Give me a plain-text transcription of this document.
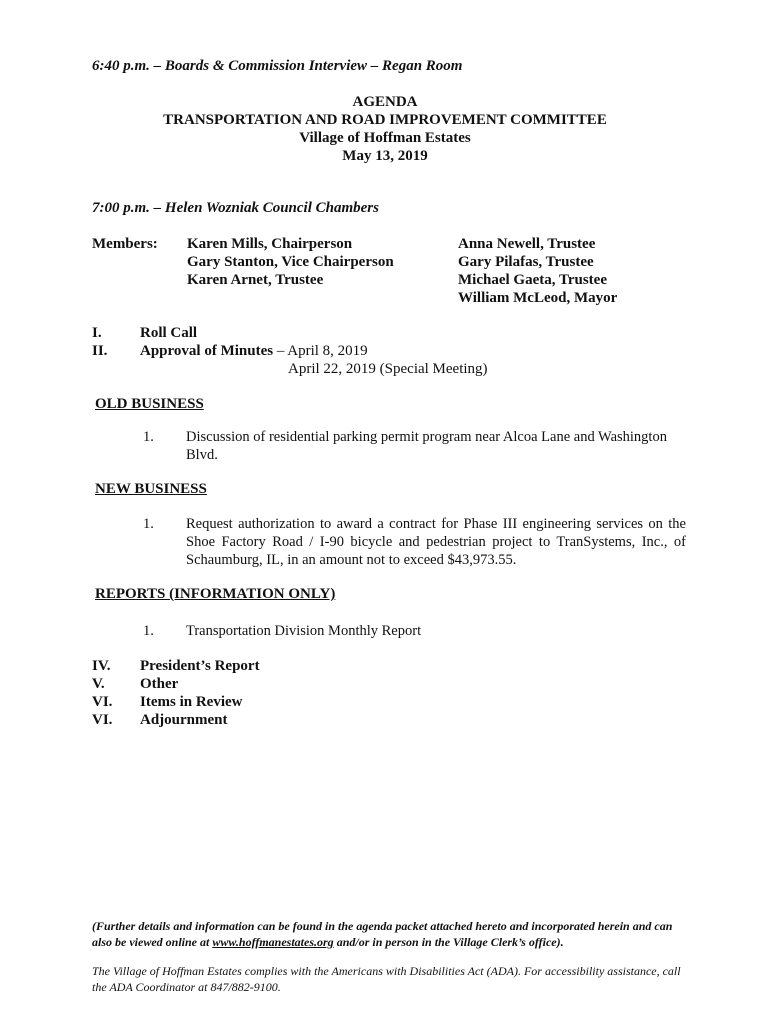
6:40 p.m. – Boards & Commission Interview – Regan Room
AGENDA
TRANSPORTATION AND ROAD IMPROVEMENT COMMITTEE
Village of Hoffman Estates
May 13, 2019
7:00 p.m. – Helen Wozniak Council Chambers
Members: Karen Mills, Chairperson
Gary Stanton, Vice Chairperson
Karen Arnet, Trustee
Anna Newell, Trustee
Gary Pilafas, Trustee
Michael Gaeta, Trustee
William McLeod, Mayor
I.	Roll Call
II. Approval of Minutes – April 8, 2019
April 22, 2019 (Special Meeting)
OLD BUSINESS
1. Discussion of residential parking permit program near Alcoa Lane and Washington Blvd.
NEW BUSINESS
1. Request authorization to award a contract for Phase III engineering services on the Shoe Factory Road / I-90 bicycle and pedestrian project to TranSystems, Inc., of Schaumburg, IL, in an amount not to exceed $43,973.55.
REPORTS (INFORMATION ONLY)
1. Transportation Division Monthly Report
IV. President’s Report
V. Other
VI. Items in Review
VI. Adjournment
(Further details and information can be found in the agenda packet attached hereto and incorporated herein and can also be viewed online at www.hoffmanestates.org and/or in person in the Village Clerk’s office).
The Village of Hoffman Estates complies with the Americans with Disabilities Act (ADA). For accessibility assistance, call the ADA Coordinator at 847/882-9100.
